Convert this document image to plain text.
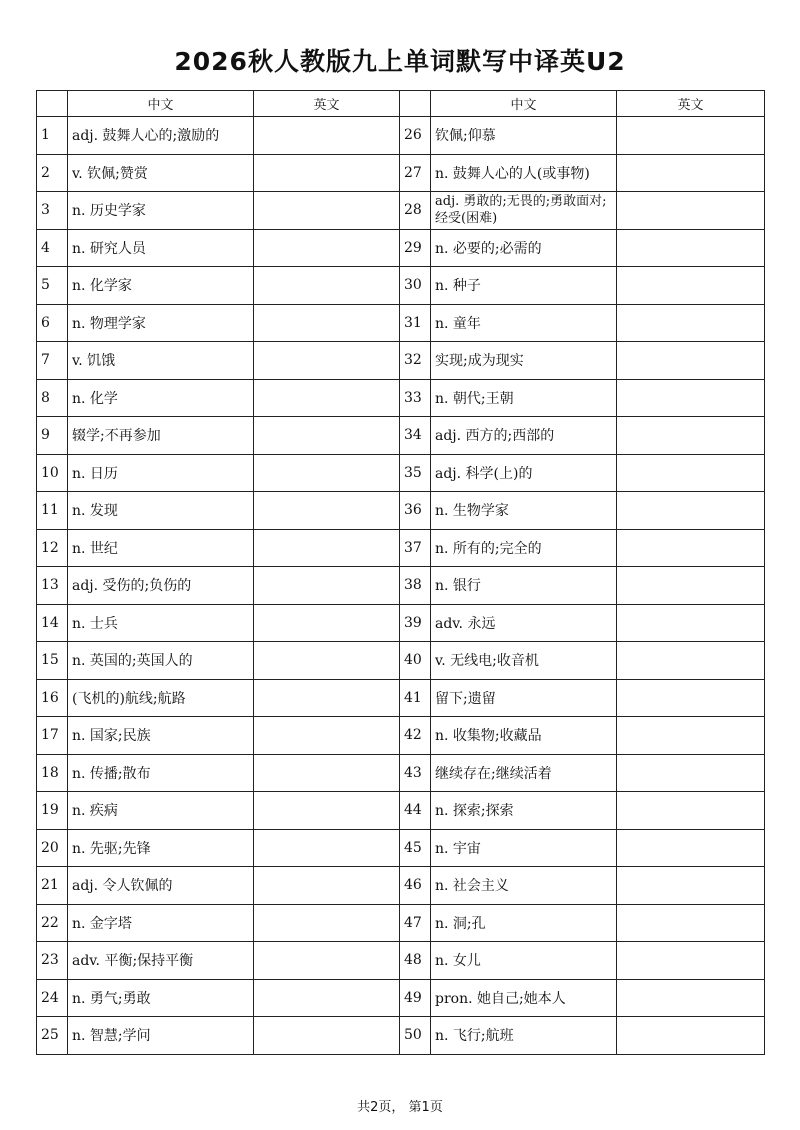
2026秋人教版九上单词默写中译英U2
	中文	英文		中文	英文
1	adj. 鼓舞人心的;激励的		26	钦佩;仰慕	
2	v. 钦佩;赞赏		27	n. 鼓舞人心的人(或事物)	
3	n. 历史学家		28	adj. 勇敢的;无畏的;勇敢面对;经受(困难)	
4	n. 研究人员		29	n. 必要的;必需的	
5	n. 化学家		30	n. 种子	
6	n. 物理学家		31	n. 童年	
7	v. 饥饿		32	实现;成为现实	
8	n. 化学		33	n. 朝代;王朝	
9	辍学;不再参加		34	adj. 西方的;西部的	
10	n. 日历		35	adj. 科学(上)的	
11	n. 发现		36	n. 生物学家	
12	n. 世纪		37	n. 所有的;完全的	
13	adj. 受伤的;负伤的		38	n. 银行	
14	n. 士兵		39	adv. 永远	
15	n. 英国的;英国人的		40	v. 无线电;收音机	
16	(飞机的)航线;航路		41	留下;遗留	
17	n. 国家;民族		42	n. 收集物;收藏品	
18	n. 传播;散布		43	继续存在;继续活着	
19	n. 疾病		44	n. 探索;探索	
20	n. 先驱;先锋		45	n. 宇宙	
21	adj. 令人钦佩的		46	n. 社会主义	
22	n. 金字塔		47	n. 洞;孔	
23	adv. 平衡;保持平衡		48	n. 女儿	
24	n. 勇气;勇敢		49	pron. 她自己;她本人	
25	n. 智慧;学问		50	n. 飞行;航班	
共2页， 第1页
